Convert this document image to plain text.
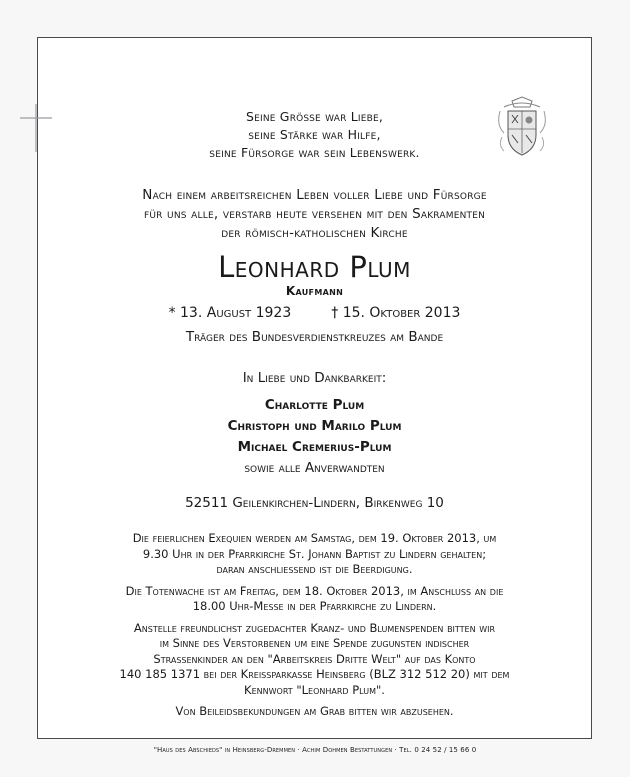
Seine Größe war Liebe,
seine Stärke war Hilfe,
seine Fürsorge war sein Lebenswerk.
Nach einem arbeitsreichen Leben voller Liebe und Fürsorge
für uns alle, verstarb heute versehen mit den Sakramenten
der römisch-katholischen Kirche
Leonhard Plum
Kaufmann
* 13. August 1923	† 15. Oktober 2013
Träger des Bundesverdienstkreuzes am Bande
In Liebe und Dankbarkeit:
Charlotte Plum
Christoph und Marilo Plum
Michael Cremerius-Plum
sowie alle Anverwandten
52511 Geilenkirchen-Lindern, Birkenweg 10

Die feierlichen Exequien werden am Samstag, dem 19. Oktober 2013, um
9.30 Uhr in der Pfarrkirche St. Johann Baptist zu Lindern gehalten;
daran anschliessend ist die Beerdigung.

Die Totenwache ist am Freitag, dem 18. Oktober 2013, im Anschluss an die
18.00 Uhr-Messe in der Pfarrkirche zu Lindern.

Anstelle freundlichst zugedachter Kranz- und Blumenspenden bitten wir
im Sinne des Verstorbenen um eine Spende zugunsten indischer
Strassenkinder an den "Arbeitskreis Dritte Welt" auf das Konto
140 185 1371 bei der Kreissparkasse Heinsberg (BLZ 312 512 20) mit dem
Kennwort "Leonhard Plum".

Von Beileidsbekundungen am Grab bitten wir abzusehen.

"Haus des Abschieds" in Heinsberg-Dremmen · Achim Dohmen Bestattungen · Tel. 0 24 52 / 15 66 0
